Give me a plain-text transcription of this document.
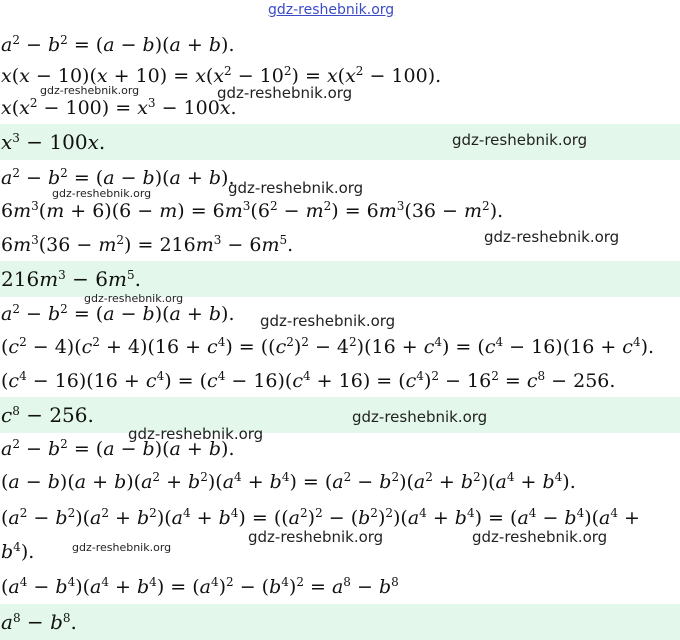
gdz-reshebnik.org
$a^2 - b^2 = (a - b)(a + b)$.
$x(x - 10)(x + 10) = x(x^2 - 10^2) = x(x^2 - 100)$.
$x(x^2 - 100) = x^3 - 100x$.
$x^3 - 100x$.
$a^2 - b^2 = (a - b)(a + b)$.
$6m^3(m + 6)(6 - m) = 6m^3(6^2 - m^2) = 6m^3(36 - m^2)$.
$6m^3(36 - m^2) = 216m^3 - 6m^5$.
$216m^3 - 6m^5$.
$a^2 - b^2 = (a - b)(a + b)$.
$(c^2 - 4)(c^2 + 4)(16 + c^4) = ((c^2)^2 - 4^2)(16 + c^4) = (c^4 - 16)(16 + c^4)$.
$(c^4 - 16)(16 + c^4) = (c^4 - 16)(c^4 + 16) = (c^4)^2 - 16^2 = c^8 - 256$.
$c^8 - 256$.
$a^2 - b^2 = (a - b)(a + b)$.
$(a - b)(a + b)(a^2 + b^2)(a^4 + b^4) = (a^2 - b^2)(a^2 + b^2)(a^4 + b^4)$.
$(a^2 - b^2)(a^2 + b^2)(a^4 + b^4) = ((a^2)^2 - (b^2)^2)(a^4 + b^4) = (a^4 - b^4)(a^4$ +
$b^4$).
$(a^4 - b^4)(a^4 + b^4) = (a^4)^2 - (b^4)^2 = a^8 - b^8$
$a^8 - b^8$.
gdz-reshebnik.org	gdz-reshebnik.org
gdz-reshebnik.org
gdz-reshebnik.org	gdz-reshebnik.org
gdz-reshebnik.org
gdz-reshebnik.org
gdz-reshebnik.org
gdz-reshebnik.org
gdz-reshebnik.org
gdz-reshebnik.org
gdz-reshebnik.org	gdz-reshebnik.org
